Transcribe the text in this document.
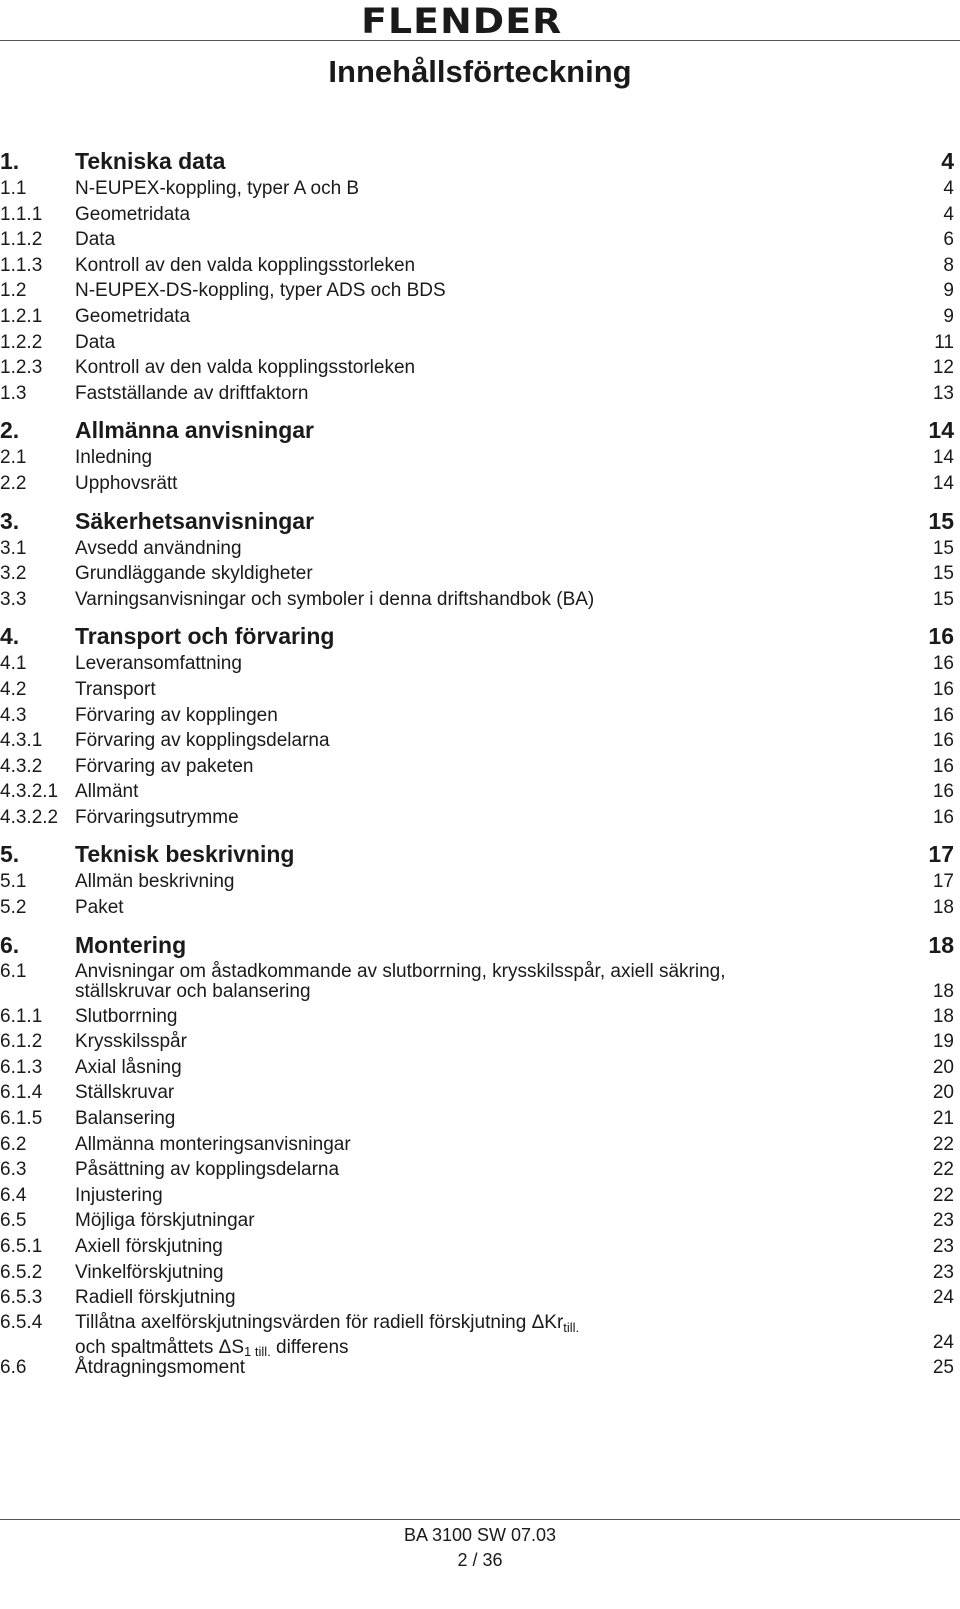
FLENDER
Innehållsförteckning
1. Tekniska data	4
1.1	N-EUPEX-koppling, typer A och B	4
1.1.1 Geometridata	4
1.1.2 Data	6
1.1.3 Kontroll av den valda kopplingsstorleken	8
1.2	N-EUPEX-DS-koppling, typer ADS och BDS	9
1.2.1 Geometridata	9
1.2.2 Data	11
1.2.3 Kontroll av den valda kopplingsstorleken	12
1.3	Fastställande av driftfaktorn	13
2. Allmänna anvisningar	14
2.1	Inledning	14
2.2	Upphovsrätt	14
3. Säkerhetsanvisningar	15
3.1	Avsedd användning	15
3.2	Grundläggande skyldigheter	15
3.3	Varningsanvisningar och symboler i denna driftshandbok (BA)	15
4. Transport och förvaring	16
4.1	Leveransomfattning	16
4.2	Transport	16
4.3	Förvaring av kopplingen	16
4.3.1 Förvaring av kopplingsdelarna	16
4.3.2 Förvaring av paketen	16
4.3.2.1 Allmänt	16
4.3.2.2 Förvaringsutrymme	16
5. Teknisk beskrivning	17
5.1	Allmän beskrivning	17
5.2	Paket	18
6. Montering	18
6.1	Anvisningar om åstadkommande av slutborrning, krysskilsspår, axiell säkring,
ställskruvar och balansering	18
6.1.1 Slutborrning	18
6.1.2 Krysskilsspår	19
6.1.3 Axial låsning	20
6.1.4 Ställskruvar	20
6.1.5 Balansering	21
6.2	Allmänna monteringsanvisningar	22
6.3	Påsättning av kopplingsdelarna	22
6.4	Injustering	22
6.5	Möjliga förskjutningar	23
6.5.1 Axiell förskjutning	23
6.5.2 Vinkelförskjutning	23
6.5.3 Radiell förskjutning	24
6.5.4 Tillåtna axelförskjutningsvärden för radiell förskjutning ΔKr$_{till.}$
och spaltmåttets $\Delta S_{1 till.}$ differens	24
6.6	Åtdragningsmoment	25
BA 3100 SW 07.03
2 / 36
